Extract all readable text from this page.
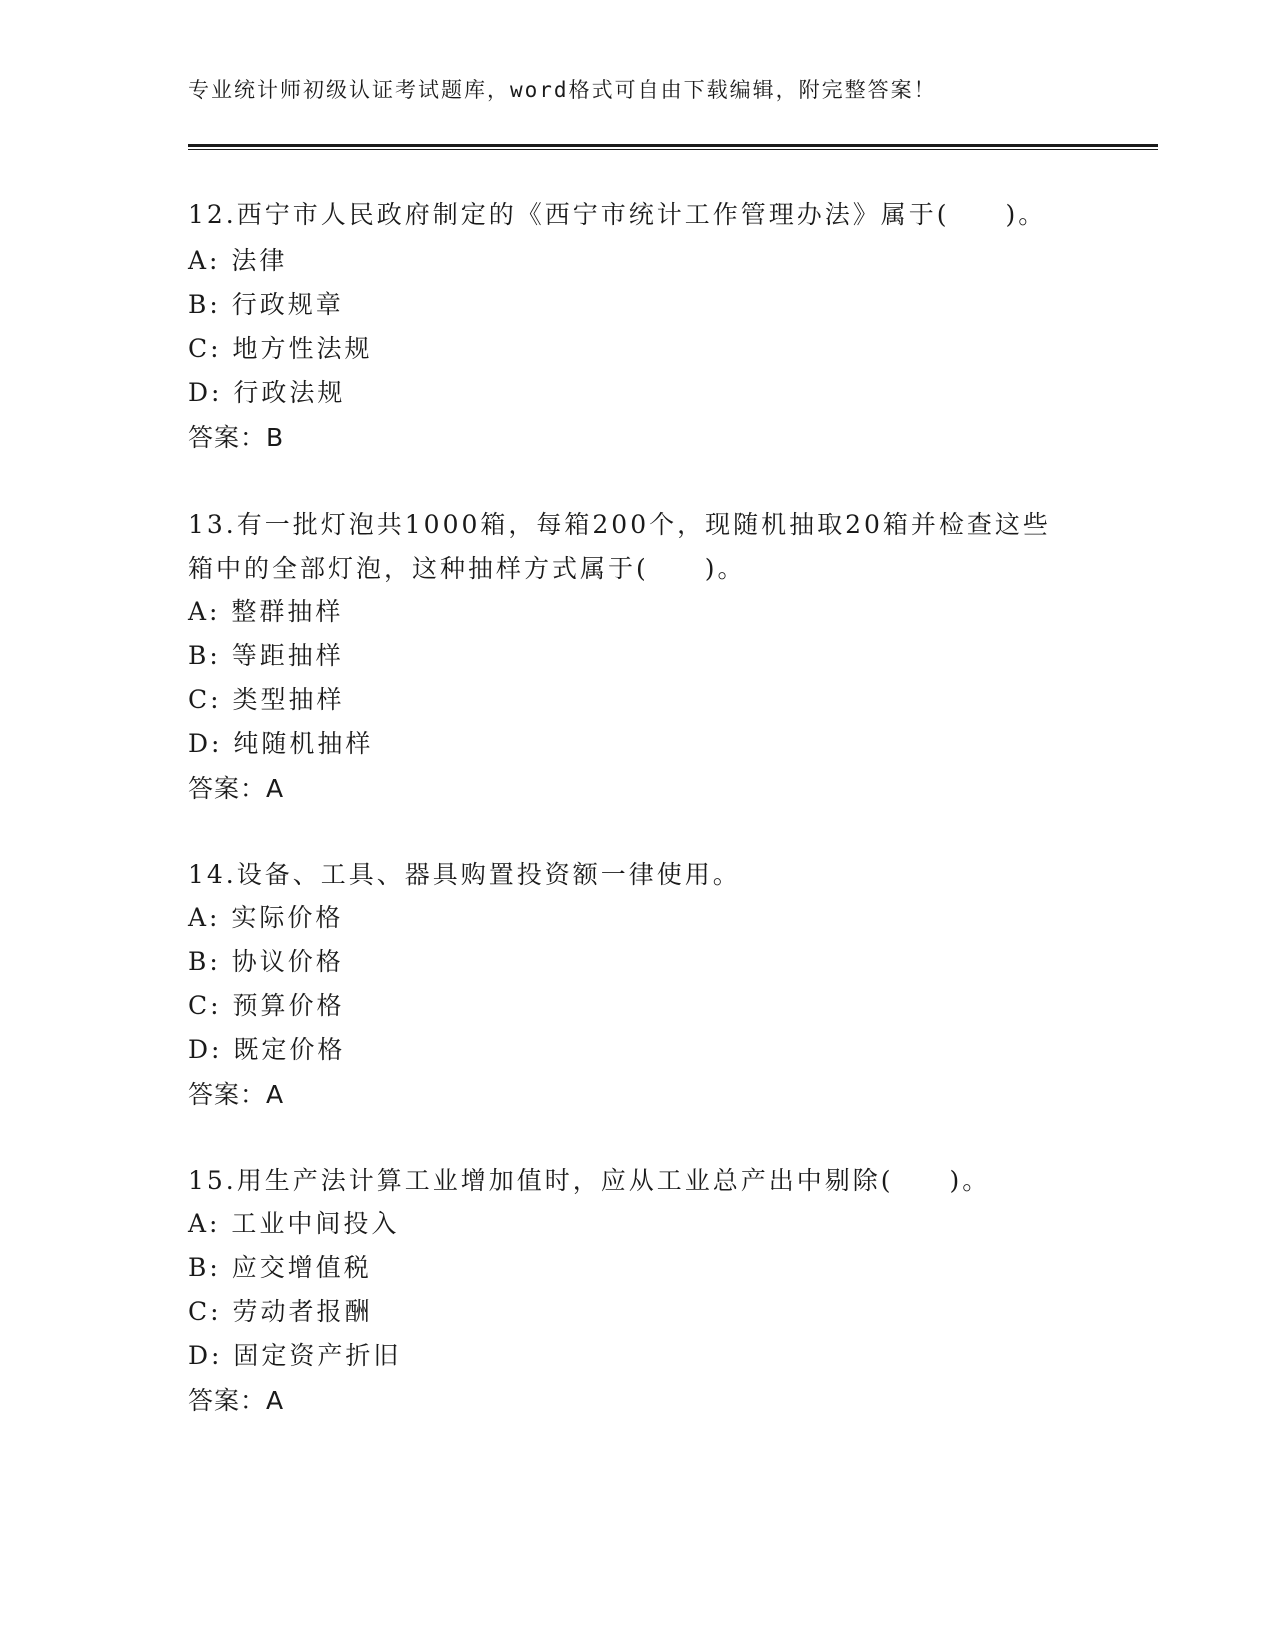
专业统计师初级认证考试题库，word格式可自由下载编辑，附完整答案！
12.西宁市人民政府制定的《西宁市统计工作管理办法》属于(　　)。
A: 法律
B: 行政规章
C: 地方性法规
D: 行政法规
答案：B
13.有一批灯泡共1000箱，每箱200个，现随机抽取20箱并检查这些
箱中的全部灯泡，这种抽样方式属于(　　)。
A: 整群抽样
B: 等距抽样
C: 类型抽样
D: 纯随机抽样
答案：A
14.设备、工具、器具购置投资额一律使用。
A: 实际价格
B: 协议价格
C: 预算价格
D: 既定价格
答案：A
15.用生产法计算工业增加值时，应从工业总产出中剔除(　　)。
A: 工业中间投入
B: 应交增值税
C: 劳动者报酬
D: 固定资产折旧
答案：A
